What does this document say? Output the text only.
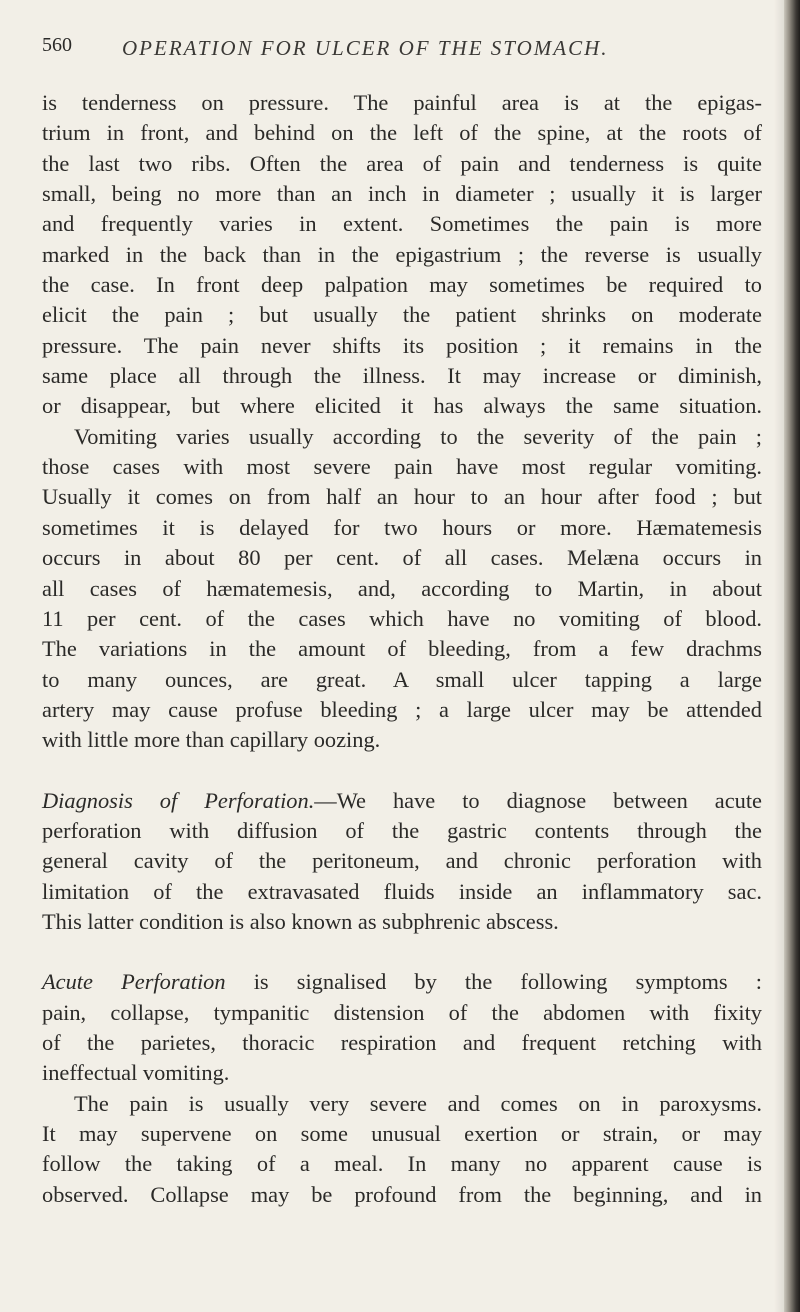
560 OPERATION FOR ULCER OF THE STOMACH.
is tenderness on pressure. The painful area is at the epigas-
trium in front, and behind on the left of the spine, at the roots of
the last two ribs. Often the area of pain and tenderness is quite
small, being no more than an inch in diameter ; usually it is larger
and frequently varies in extent. Sometimes the pain is more
marked in the back than in the epigastrium ; the reverse is usually
the case. In front deep palpation may sometimes be required to
elicit the pain ; but usually the patient shrinks on moderate
pressure. The pain never shifts its position ; it remains in the
same place all through the illness. It may increase or diminish,
or disappear, but where elicited it has always the same situation.
Vomiting varies usually according to the severity of the pain ;
those cases with most severe pain have most regular vomiting.
Usually it comes on from half an hour to an hour after food ; but
sometimes it is delayed for two hours or more. Hæmatemesis
occurs in about 80 per cent. of all cases. Melæna occurs in
all cases of hæmatemesis, and, according to Martin, in about
11 per cent. of the cases which have no vomiting of blood.
The variations in the amount of bleeding, from a few drachms
to many ounces, are great. A small ulcer tapping a large
artery may cause profuse bleeding ; a large ulcer may be attended
with little more than capillary oozing.
Diagnosis of Perforation.—We have to diagnose between acute
perforation with diffusion of the gastric contents through the
general cavity of the peritoneum, and chronic perforation with
limitation of the extravasated fluids inside an inflammatory sac.
This latter condition is also known as subphrenic abscess.
Acute Perforation is signalised by the following symptoms :
pain, collapse, tympanitic distension of the abdomen with fixity
of the parietes, thoracic respiration and frequent retching with
ineffectual vomiting.
The pain is usually very severe and comes on in paroxysms.
It may supervene on some unusual exertion or strain, or may
follow the taking of a meal. In many no apparent cause is
observed. Collapse may be profound from the beginning, and in
